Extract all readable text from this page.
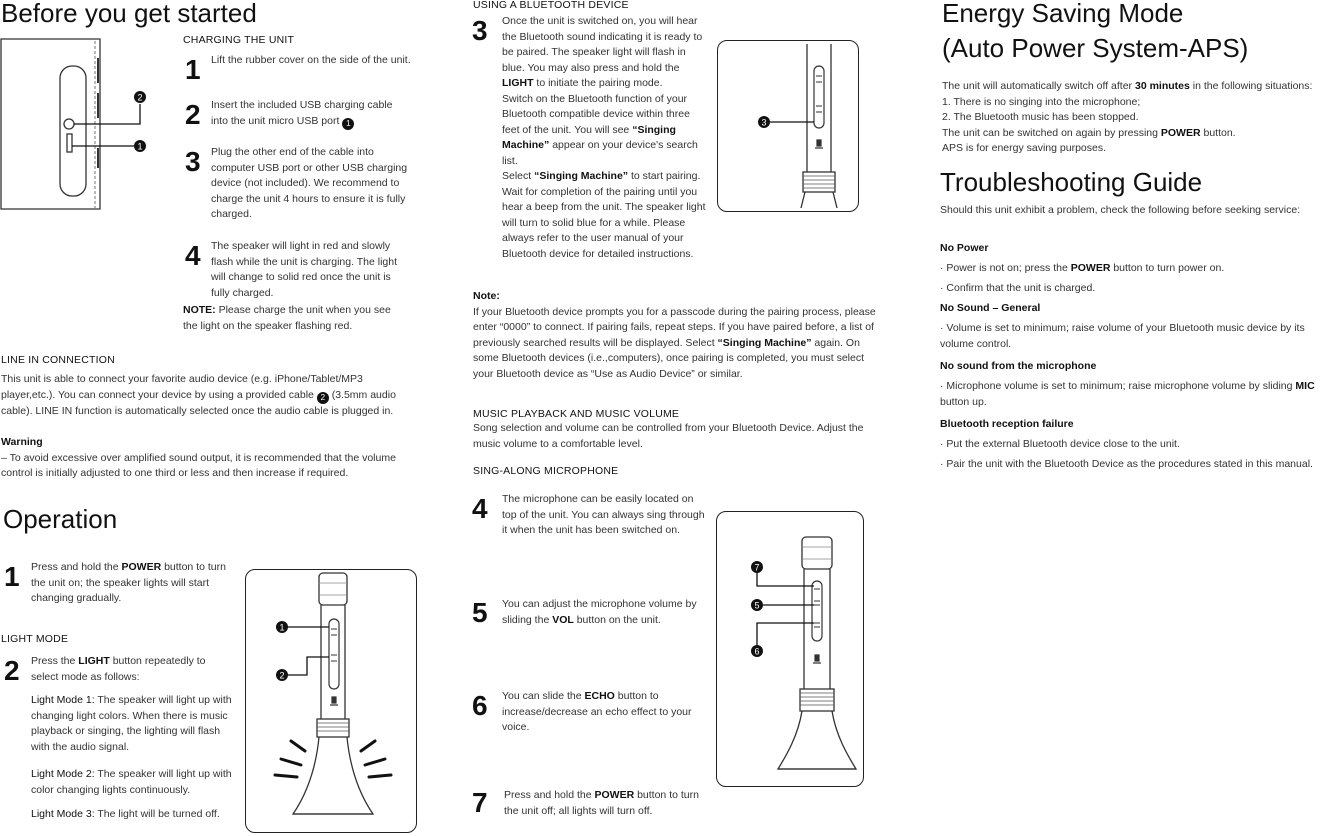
Before you get started
2
1
CHARGING THE UNIT
1 Lift the rubber cover on the side of the unit.
2 Insert the included USB charging cable into the unit micro USB port 1
3 Plug the other end of the cable into computer USB port or other USB charging device (not included). We recommend to charge the unit 4 hours to ensure it is fully charged.
4 The speaker will light in red and slowly flash while the unit is charging. The light will change to solid red once the unit is fully charged.
NOTE: Please charge the unit when you see the light on the speaker flashing red.
LINE IN CONNECTION
This unit is able to connect your favorite audio device (e.g. iPhone/Tablet/MP3 player,etc.). You can connect your device by using a provided cable 2 (3.5mm audio cable). LINE IN function is automatically selected once the audio cable is plugged in.
Warning
– To avoid excessive over amplified sound output, it is recommended that the volume control is initially adjusted to one third or less and then increase if required.
Operation
1 Press and hold the POWER button to turn the unit on; the speaker lights will start changing gradually.
LIGHT MODE
2 Press the LIGHT button repeatedly to select mode as follows:
Light Mode 1: The speaker will light up with changing light colors. When there is music playback or singing, the lighting will flash with the audio signal.
Light Mode 2: The speaker will light up with color changing lights continuously.
Light Mode 3: The light will be turned off.
1
2
USING A BLUETOOTH DEVICE
3 Once the unit is switched on, you will hear the Bluetooth sound indicating it is ready to be paired. The speaker light will flash in blue. You may also press and hold the LIGHT to initiate the pairing mode.
Switch on the Bluetooth function of your Bluetooth compatible device within three feet of the unit. You will see “Singing Machine” appear on your device's search list.
Select “Singing Machine” to start pairing. Wait for completion of the pairing until you hear a beep from the unit. The speaker light will turn to solid blue for a while. Please always refer to the user manual of your Bluetooth device for detailed instructions.
3
Note:
If your Bluetooth device prompts you for a passcode during the pairing process, please enter “0000” to connect. If pairing fails, repeat steps. If you have paired before, a list of previously searched results will be displayed. Select “Singing Machine” again. On some Bluetooth devices (i.e.,computers), once pairing is completed, you must select your Bluetooth device as “Use as Audio Device” or similar.
MUSIC PLAYBACK AND MUSIC VOLUME
Song selection and volume can be controlled from your Bluetooth Device. Adjust the music volume to a comfortable level.
SING-ALONG MICROPHONE
4 The microphone can be easily located on top of the unit. You can always sing through it when the unit has been switched on.
5 You can adjust the microphone volume by sliding the VOL button on the unit.
6 You can slide the ECHO button to increase/decrease an echo effect to your voice.
7 Press and hold the POWER button to turn the unit off; all lights will turn off.
7
5
6
Energy Saving Mode
(Auto Power System-APS)
The unit will automatically switch off after 30 minutes in the following situations:
1. There is no singing into the microphone;
2. The Bluetooth music has been stopped.
The unit can be switched on again by pressing POWER button.
APS is for energy saving purposes.
Troubleshooting Guide
Should this unit exhibit a problem, check the following before seeking service:
No Power
· Power is not on; press the POWER button to turn power on.
· Confirm that the unit is charged.
No Sound – General
· Volume is set to minimum; raise volume of your Bluetooth music device by its volume control.
No sound from the microphone
· Microphone volume is set to minimum; raise microphone volume by sliding MIC button up.
Bluetooth reception failure
· Put the external Bluetooth device close to the unit.
· Pair the unit with the Bluetooth Device as the procedures stated in this manual.
